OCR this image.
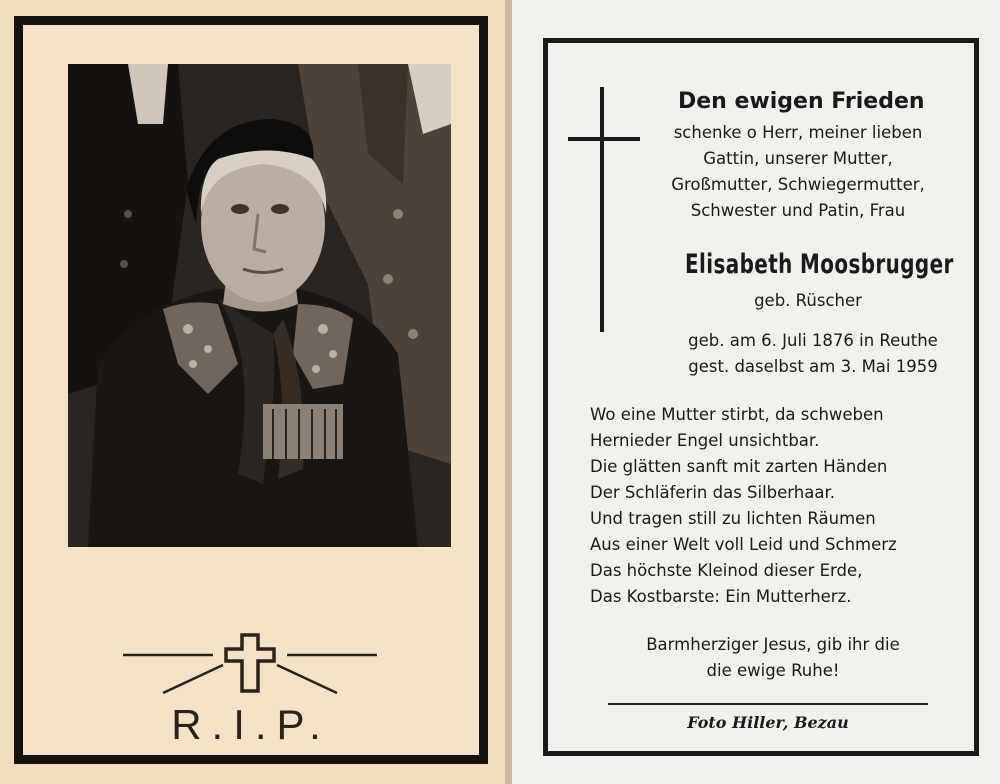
R.I.P.
Den ewigen Frieden
schenke o Herr, meiner lieben
Gattin, unserer Mutter,
Großmutter, Schwiegermutter,
Schwester und Patin, Frau
Elisabeth Moosbrugger
geb. Rüscher
geb. am 6. Juli 1876 in Reuthe
gest. daselbst am 3. Mai 1959
Wo eine Mutter stirbt, da schweben
Hernieder Engel unsichtbar.
Die glätten sanft mit zarten Händen
Der Schläferin das Silberhaar.
Und tragen still zu lichten Räumen
Aus einer Welt voll Leid und Schmerz
Das höchste Kleinod dieser Erde,
Das Kostbarste: Ein Mutterherz.
Barmherziger Jesus, gib ihr die
die ewige Ruhe!
Foto Hiller, Bezau
